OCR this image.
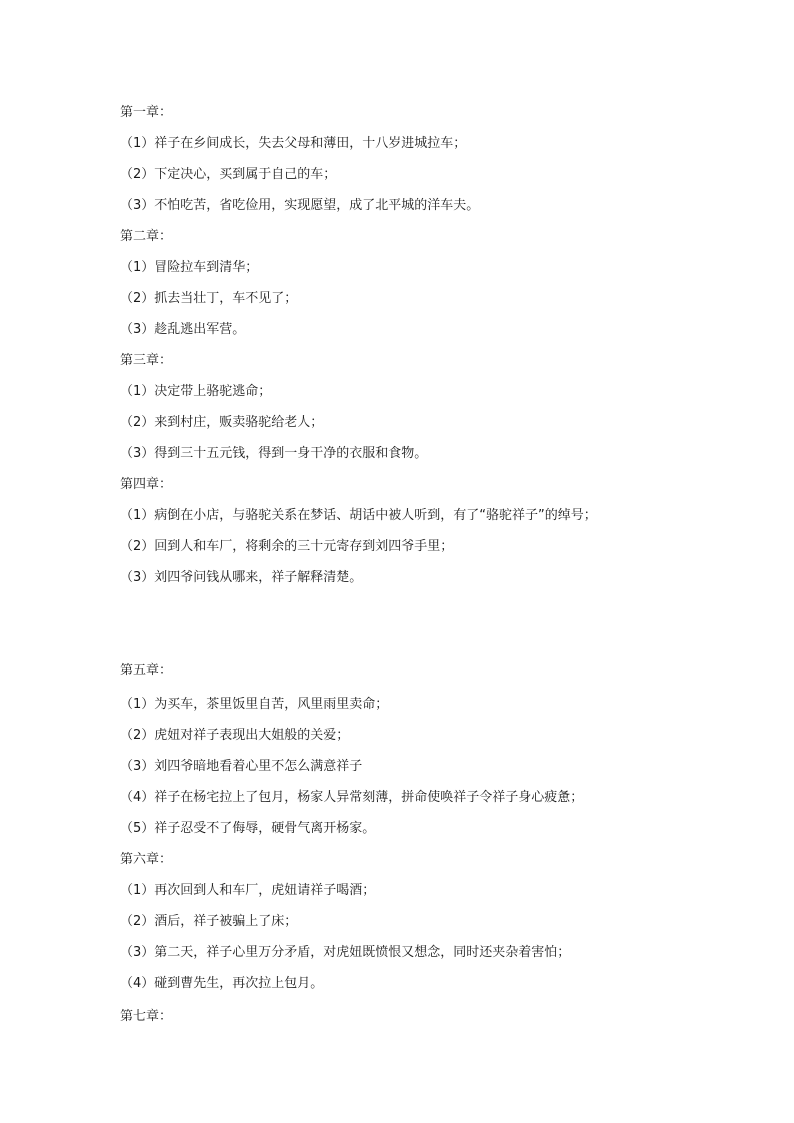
第一章：
（1）祥子在乡间成长，失去父母和薄田，十八岁进城拉车；
（2）下定决心，买到属于自己的车；
（3）不怕吃苦，省吃俭用，实现愿望，成了北平城的洋车夫。
第二章：
（1）冒险拉车到清华；
（2）抓去当壮丁，车不见了；
（3）趁乱逃出军营。
第三章：
（1）决定带上骆驼逃命；
（2）来到村庄，贩卖骆驼给老人；
（3）得到三十五元钱，得到一身干净的衣服和食物。
第四章：
（1）病倒在小店，与骆驼关系在梦话、胡话中被人听到，有了“骆驼祥子”的绰号；
（2）回到人和车厂，将剩余的三十元寄存到刘四爷手里；
（3）刘四爷问钱从哪来，祥子解释清楚。
第五章：
（1）为买车，茶里饭里自苦，风里雨里卖命；
（2）虎妞对祥子表现出大姐般的关爱；
（3）刘四爷暗地看着心里不怎么满意祥子
（4）祥子在杨宅拉上了包月，杨家人异常刻薄，拼命使唤祥子令祥子身心疲惫；
（5）祥子忍受不了侮辱，硬骨气离开杨家。
第六章：
（1）再次回到人和车厂，虎妞请祥子喝酒；
（2）酒后，祥子被骗上了床；
（3）第二天，祥子心里万分矛盾，对虎妞既愤恨又想念，同时还夹杂着害怕；
（4）碰到曹先生，再次拉上包月。
第七章：
